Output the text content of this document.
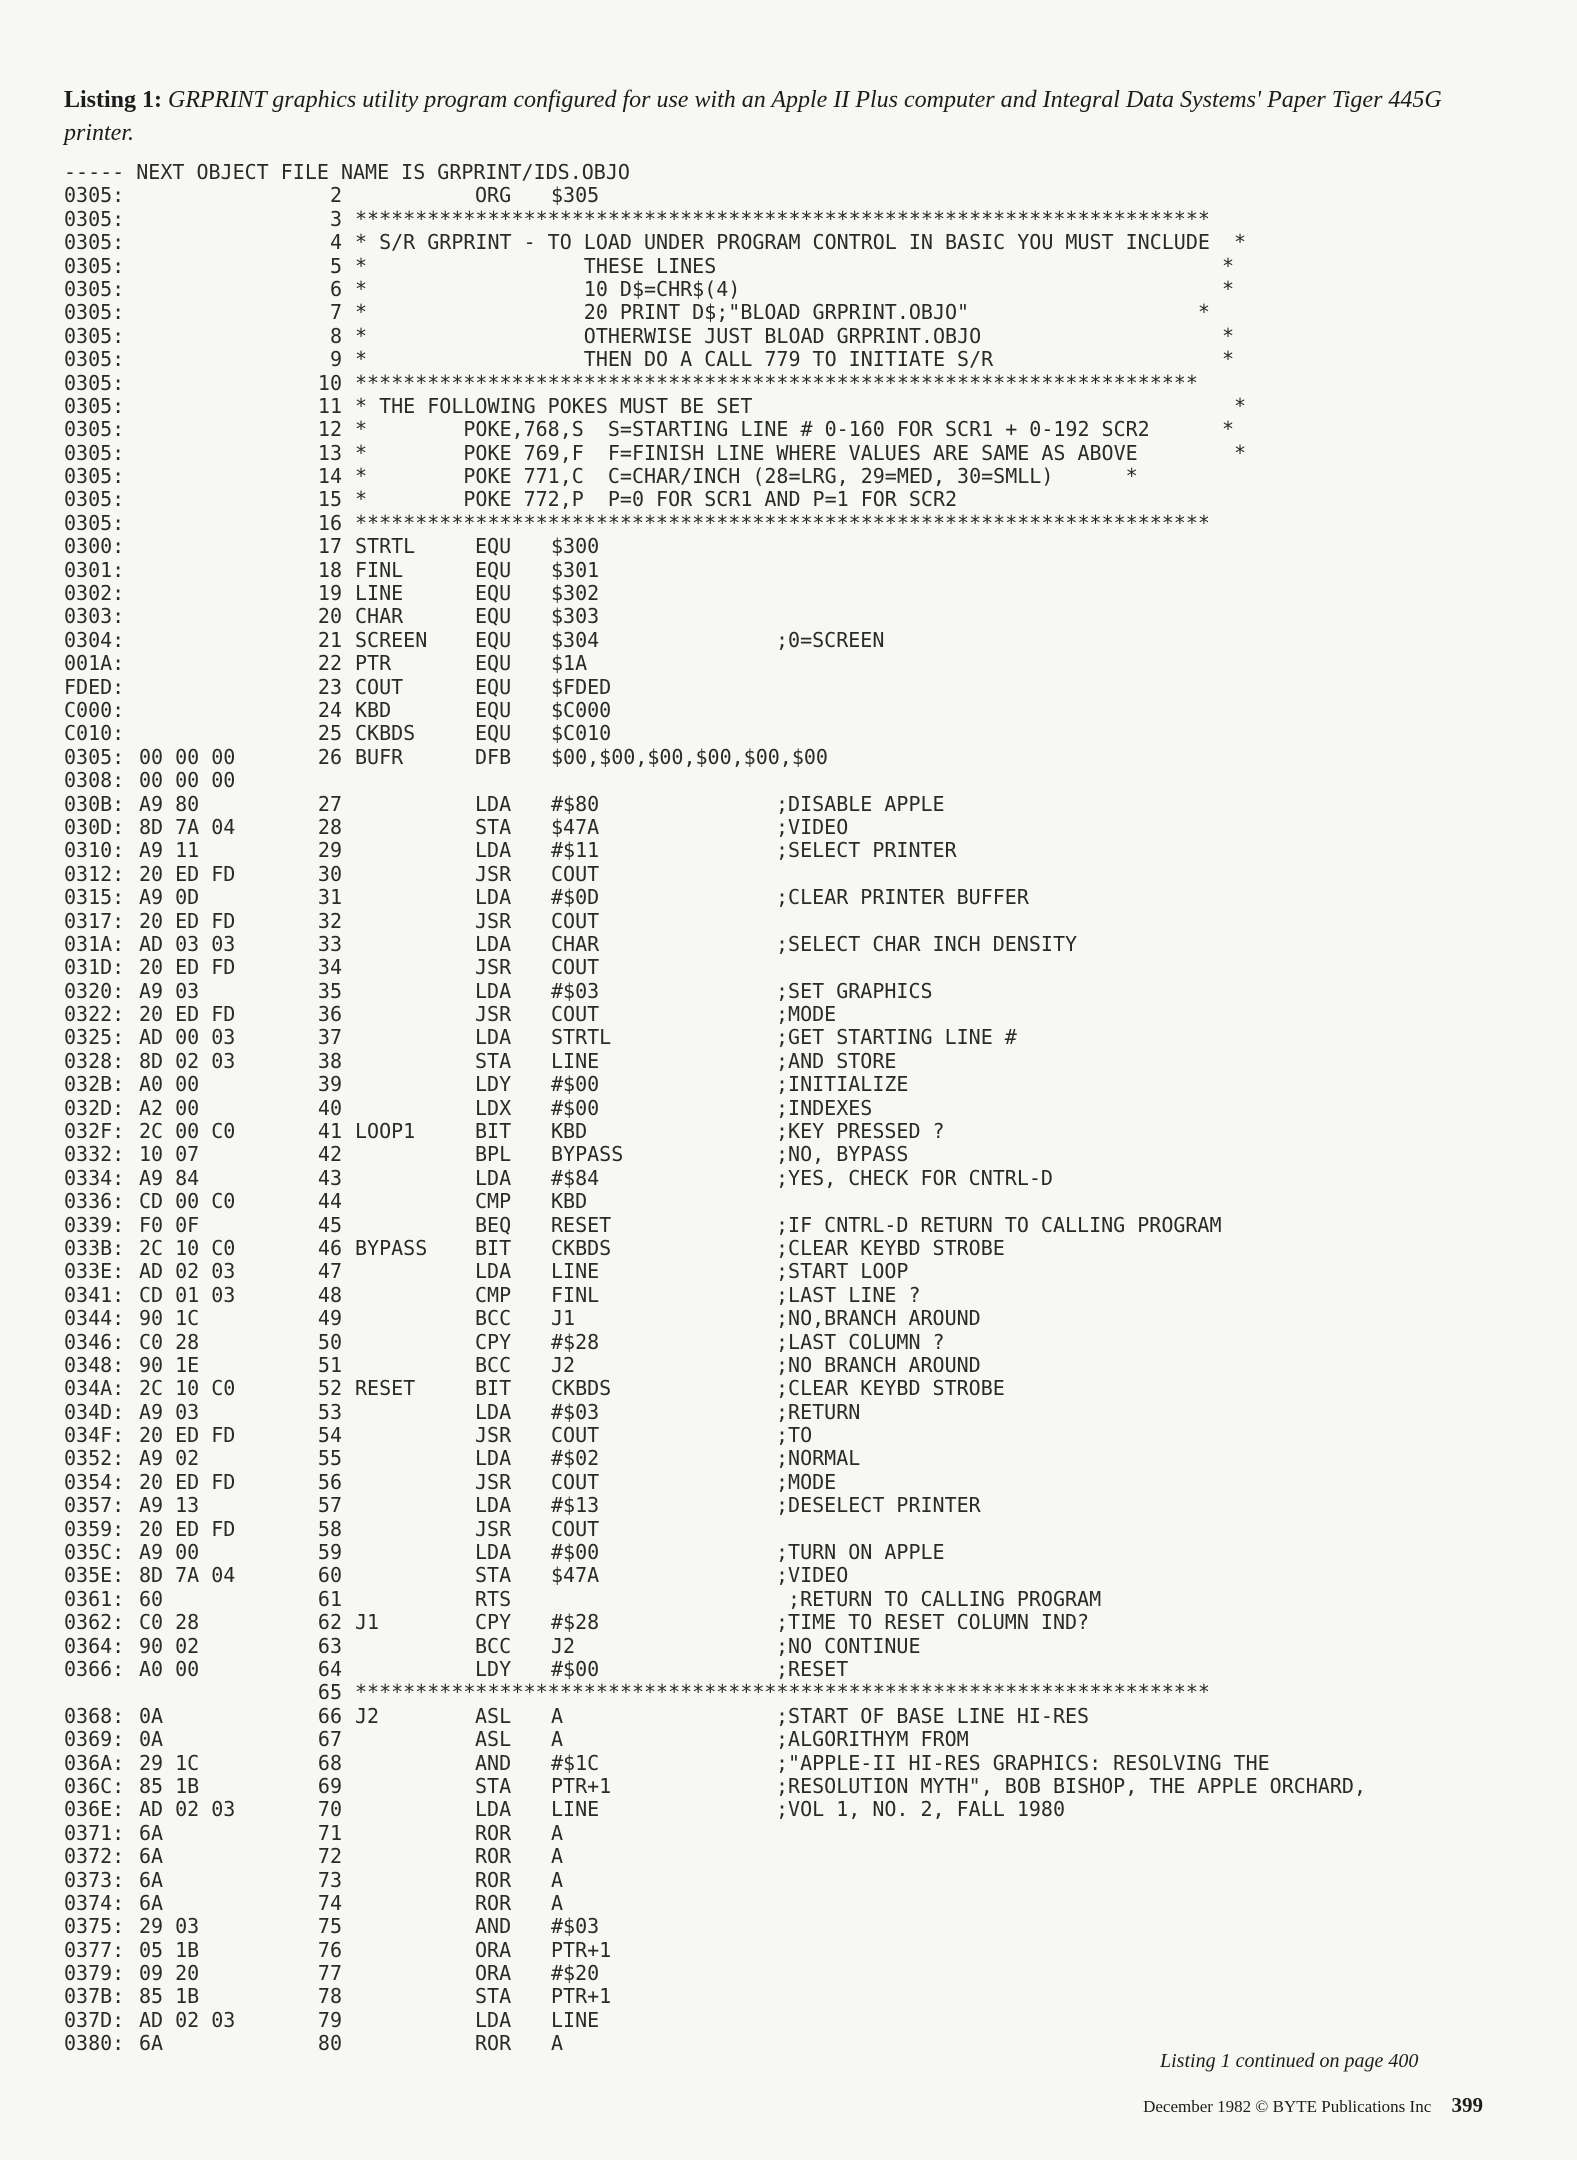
Listing 1: GRPRINT graphics utility program configured for use with an Apple II Plus computer and Integral Data Systems' Paper Tiger 445G printer.
----- NEXT OBJECT FILE NAME IS GRPRINT/IDS.OBJO
0305:	2	ORG	$305
0305:	3 ***********************************************************************
0305:	4 * S/R GRPRINT - TO LOAD UNDER PROGRAM CONTROL IN BASIC YOU MUST INCLUDE  *
0305:	5 *                  THESE LINES                                          *
0305:	6 *                  10 D$=CHR$(4)                                        *
0305:	7 *                  20 PRINT D$;"BLOAD GRPRINT.OBJO"                   *
0305:	8 *                  OTHERWISE JUST BLOAD GRPRINT.OBJO                    *
0305:	9 *                  THEN DO A CALL 779 TO INITIATE S/R                   *
0305:	10 **********************************************************************
0305:	11 * THE FOLLOWING POKES MUST BE SET                                        *
0305:	12 *        POKE,768,S  S=STARTING LINE # 0-160 FOR SCR1 + 0-192 SCR2      *
0305:	13 *        POKE 769,F  F=FINISH LINE WHERE VALUES ARE SAME AS ABOVE        *
0305:	14 *        POKE 771,C  C=CHAR/INCH (28=LRG, 29=MED, 30=SMLL)      *
0305:	15 *        POKE 772,P  P=0 FOR SCR1 AND P=1 FOR SCR2
0305:	16 ***********************************************************************
0300:	17 STRTL	EQU	$300
0301:	18 FINL	EQU	$301
0302:	19 LINE	EQU	$302
0303:	20 CHAR	EQU	$303
0304:	21 SCREEN	EQU	$304	;0=SCREEN
001A:	22 PTR	EQU	$1A
FDED:	23 COUT	EQU	$FDED
C000:	24 KBD	EQU	$C000
C010:	25 CKBDS	EQU	$C010
0305: 00 00 00	26 BUFR	DFB	$00,$00,$00,$00,$00,$00
0308: 00 00 00
030B: A9 80	27	LDA	#$80	;DISABLE APPLE
030D: 8D 7A 04	28	STA	$47A	;VIDEO
0310: A9 11	29	LDA	#$11	;SELECT PRINTER
0312: 20 ED FD	30	JSR	COUT
0315: A9 0D	31	LDA	#$0D	;CLEAR PRINTER BUFFER
0317: 20 ED FD	32	JSR	COUT
031A: AD 03 03	33	LDA	CHAR	;SELECT CHAR INCH DENSITY
031D: 20 ED FD	34	JSR	COUT
0320: A9 03	35	LDA	#$03	;SET GRAPHICS
0322: 20 ED FD	36	JSR	COUT	;MODE
0325: AD 00 03	37	LDA	STRTL	;GET STARTING LINE #
0328: 8D 02 03	38	STA	LINE	;AND STORE
032B: A0 00	39	LDY	#$00	;INITIALIZE
032D: A2 00	40	LDX	#$00	;INDEXES
032F: 2C 00 C0	41 LOOP1	BIT	KBD	;KEY PRESSED ?
0332: 10 07	42	BPL	BYPASS	;NO, BYPASS
0334: A9 84	43	LDA	#$84	;YES, CHECK FOR CNTRL-D
0336: CD 00 C0	44	CMP	KBD
0339: F0 0F	45	BEQ	RESET	;IF CNTRL-D RETURN TO CALLING PROGRAM
033B: 2C 10 C0	46 BYPASS	BIT	CKBDS	;CLEAR KEYBD STROBE
033E: AD 02 03	47	LDA	LINE	;START LOOP
0341: CD 01 03	48	CMP	FINL	;LAST LINE ?
0344: 90 1C	49	BCC	J1	;NO,BRANCH AROUND
0346: C0 28	50	CPY	#$28	;LAST COLUMN ?
0348: 90 1E	51	BCC	J2	;NO BRANCH AROUND
034A: 2C 10 C0	52 RESET	BIT	CKBDS	;CLEAR KEYBD STROBE
034D: A9 03	53	LDA	#$03	;RETURN
034F: 20 ED FD	54	JSR	COUT	;TO
0352: A9 02	55	LDA	#$02	;NORMAL
0354: 20 ED FD	56	JSR	COUT	;MODE
0357: A9 13	57	LDA	#$13	;DESELECT PRINTER
0359: 20 ED FD	58	JSR	COUT
035C: A9 00	59	LDA	#$00	;TURN ON APPLE
035E: 8D 7A 04	60	STA	$47A	;VIDEO
0361: 60	61	RTS	;RETURN TO CALLING PROGRAM
0362: C0 28	62 J1	CPY	#$28	;TIME TO RESET COLUMN IND?
0364: 90 02	63	BCC	J2	;NO CONTINUE
0366: A0 00	64	LDY	#$00	;RESET
65 ***********************************************************************
0368: 0A	66 J2	ASL	A	;START OF BASE LINE HI-RES
0369: 0A	67	ASL	A	;ALGORITHYM FROM
036A: 29 1C	68	AND	#$1C	;"APPLE-II HI-RES GRAPHICS: RESOLVING THE
036C: 85 1B	69	STA	PTR+1	;RESOLUTION MYTH", BOB BISHOP, THE APPLE ORCHARD,
036E: AD 02 03	70	LDA	LINE	;VOL 1, NO. 2, FALL 1980
0371: 6A	71	ROR	A
0372: 6A	72	ROR	A
0373: 6A	73	ROR	A
0374: 6A	74	ROR	A
0375: 29 03	75	AND	#$03
0377: 05 1B	76	ORA	PTR+1
0379: 09 20	77	ORA	#$20
037B: 85 1B	78	STA	PTR+1
037D: AD 02 03	79	LDA	LINE
0380: 6A	80	ROR	A
Listing 1 continued on page 400
December 1982 © BYTE Publications Inc 399
